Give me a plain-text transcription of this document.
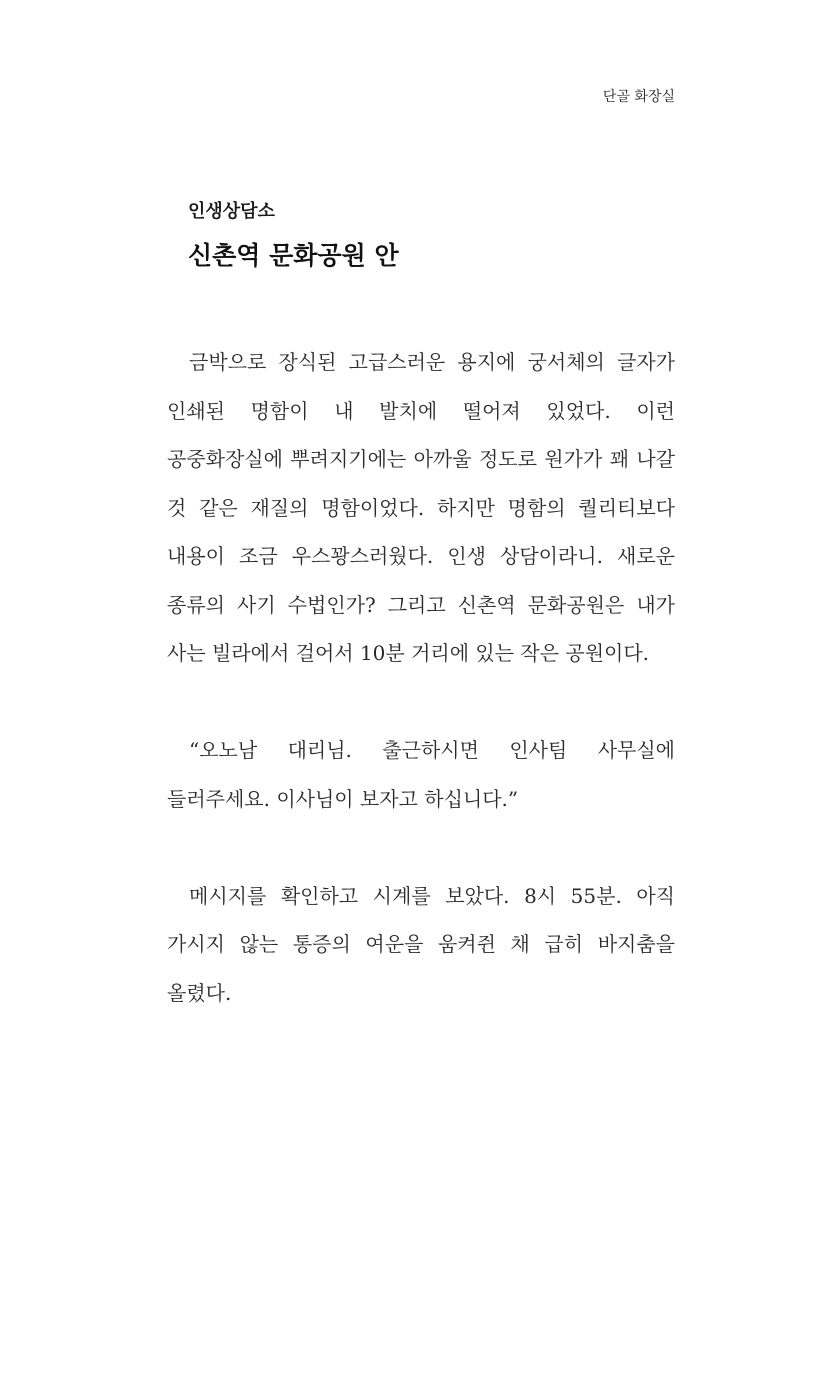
단골 화장실

인생상담소

신촌역 문화공원 안

금박으로 장식된 고급스러운 용지에 궁서체의 글자가 인쇄된 명함이 내 발치에 떨어져 있었다. 이런 공중화장실에 뿌려지기에는 아까울 정도로 원가가 꽤 나갈 것 같은 재질의 명함이었다. 하지만 명함의 퀄리티보다 내용이 조금 우스꽝스러웠다. 인생 상담이라니. 새로운 종류의 사기 수법인가? 그리고 신촌역 문화공원은 내가 사는 빌라에서 걸어서 10분 거리에 있는 작은 공원이다.

“오노남 대리님. 출근하시면 인사팀 사무실에 들러주세요. 이사님이 보자고 하십니다.”

메시지를 확인하고 시계를 보았다. 8시 55분. 아직 가시지 않는 통증의 여운을 움켜쥔 채 급히 바지춤을 올렸다.
